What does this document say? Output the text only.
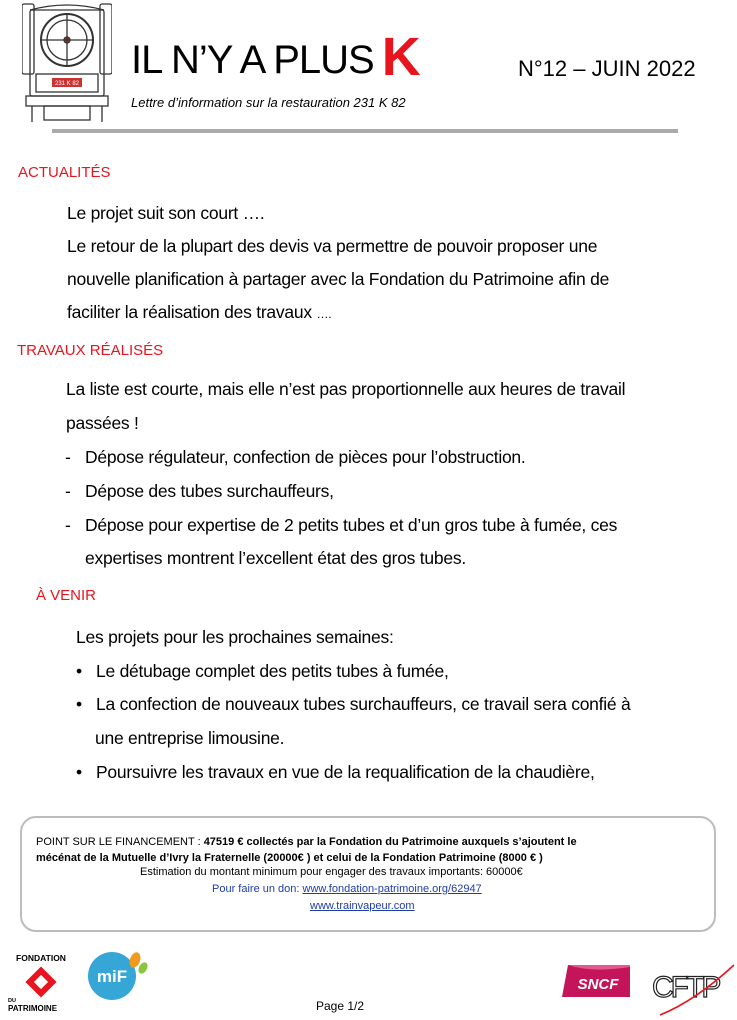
231 K 82
IL N’Y A PLUS K	N°12 – JUIN 2022
Lettre d’information sur la restauration 231 K 82
ACTUALITÉS
Le projet suit son court ….
Le retour de la plupart des devis va permettre de pouvoir proposer une
nouvelle planification à partager avec la Fondation du Patrimoine afin de
faciliter la réalisation des travaux ….
TRAVAUX RÉALISÉS
La liste est courte, mais elle n’est pas proportionnelle aux heures de travail
passées !
- Dépose régulateur, confection de pièces pour l’obstruction.
- Dépose des tubes surchauffeurs,
- Dépose pour expertise de 2 petits tubes et d’un gros tube à fumée, ces
expertises montrent l’excellent état des gros tubes.
À VENIR
Les projets pour les prochaines semaines:
• Le détubage complet des petits tubes à fumée,
• La confection de nouveaux tubes surchauffeurs, ce travail sera confié à
une entreprise limousine.
• Poursuivre les travaux en vue de la requalification de la chaudière,
POINT SUR LE FINANCEMENT : 47519 € collectés par la Fondation du Patrimoine auxquels s’ajoutent le
mécénat de la Mutuelle d’Ivry la Fraternelle (20000€ ) et celui de la Fondation Patrimoine (8000 € )
Estimation du montant minimum pour engager des travaux importants: 60000€
Pour faire un don: www.fondation-patrimoine.org/62947
www.trainvapeur.com
FONDATION
DU
PATRIMOINE
miF	SNCF CFTP
Page 1/2
